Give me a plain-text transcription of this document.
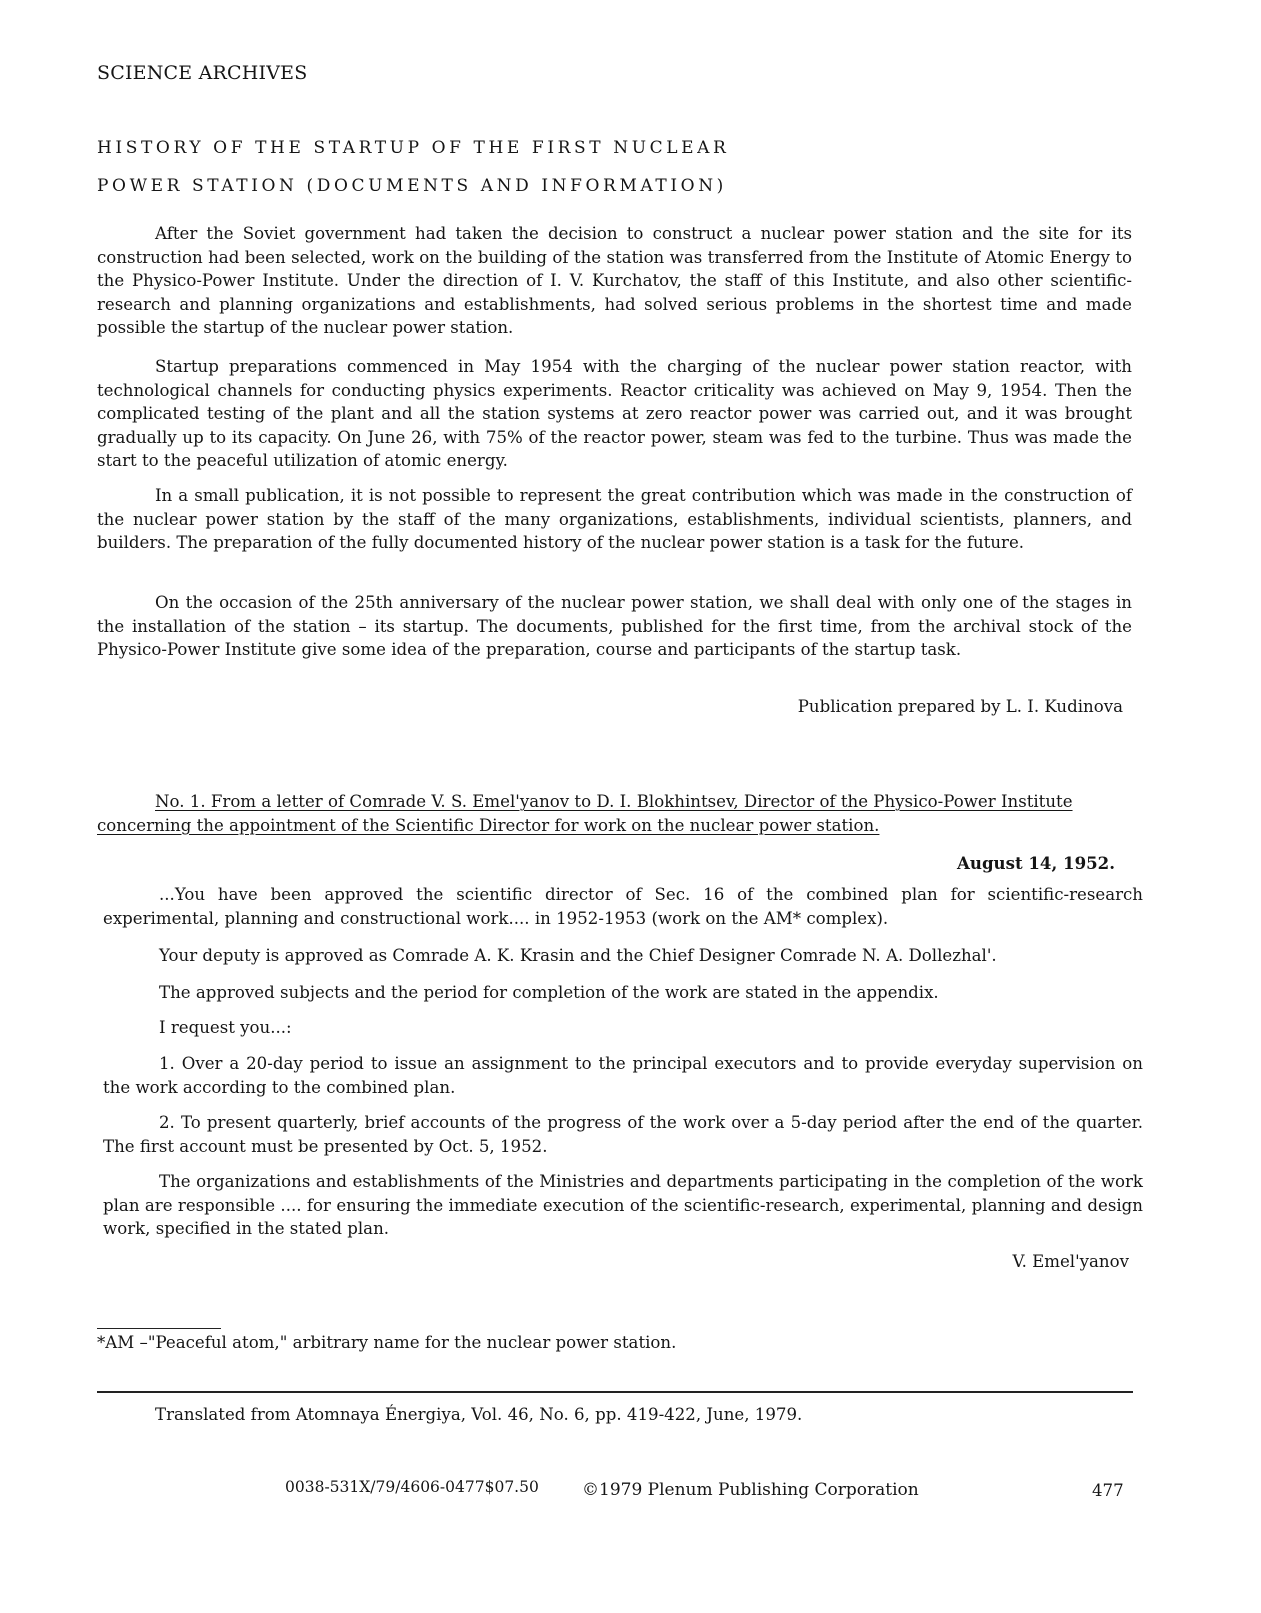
SCIENCE ARCHIVES
HISTORY OF THE STARTUP OF THE FIRST NUCLEAR
POWER STATION (DOCUMENTS AND INFORMATION)

After the Soviet government had taken the decision to construct a nuclear power station and the site for its construction had been selected, work on the building of the station was transferred from the Institute of Atomic Energy to the Physico-Power Institute. Under the direction of I. V. Kurchatov, the staff of this Institute, and also other scientific-research and planning organizations and establishments, had solved serious problems in the shortest time and made possible the startup of the nuclear power station.

Startup preparations commenced in May 1954 with the charging of the nuclear power station reactor, with technological channels for conducting physics experiments. Reactor criticality was achieved on May 9, 1954. Then the complicated testing of the plant and all the station systems at zero reactor power was carried out, and it was brought gradually up to its capacity. On June 26, with 75% of the reactor power, steam was fed to the turbine. Thus was made the start to the peaceful utilization of atomic energy.

In a small publication, it is not possible to represent the great contribution which was made in the construction of the nuclear power station by the staff of the many organizations, establishments, individual scientists, planners, and builders. The preparation of the fully documented history of the nuclear power station is a task for the future.

On the occasion of the 25th anniversary of the nuclear power station, we shall deal with only one of the stages in the installation of the station – its startup. The documents, published for the first time, from the archival stock of the Physico-Power Institute give some idea of the preparation, course and participants of the startup task.

Publication prepared by L. I. Kudinova

No. 1. From a letter of Comrade V. S. Emel'yanov to D. I. Blokhintsev, Director of the Physico-Power Institute concerning the appointment of the Scientific Director for work on the nuclear power station.

August 14, 1952.

...You have been approved the scientific director of Sec. 16 of the combined plan for scientific-research experimental, planning and constructional work.... in 1952-1953 (work on the AM* complex).

Your deputy is approved as Comrade A. K. Krasin and the Chief Designer Comrade N. A. Dollezhal'.

The approved subjects and the period for completion of the work are stated in the appendix.

I request you...:

1. Over a 20-day period to issue an assignment to the principal executors and to provide everyday supervision on the work according to the combined plan.

2. To present quarterly, brief accounts of the progress of the work over a 5-day period after the end of the quarter. The first account must be presented by Oct. 5, 1952.

The organizations and establishments of the Ministries and departments participating in the completion of the work plan are responsible .... for ensuring the immediate execution of the scientific-research, experimental, planning and design work, specified in the stated plan.

V. Emel'yanov
*AM –"Peaceful atom," arbitrary name for the nuclear power station.
Translated from Atomnaya Énergiya, Vol. 46, No. 6, pp. 419-422, June, 1979.
0038-531X/79/4606-0477$07.50	©1979 Plenum Publishing Corporation	477
